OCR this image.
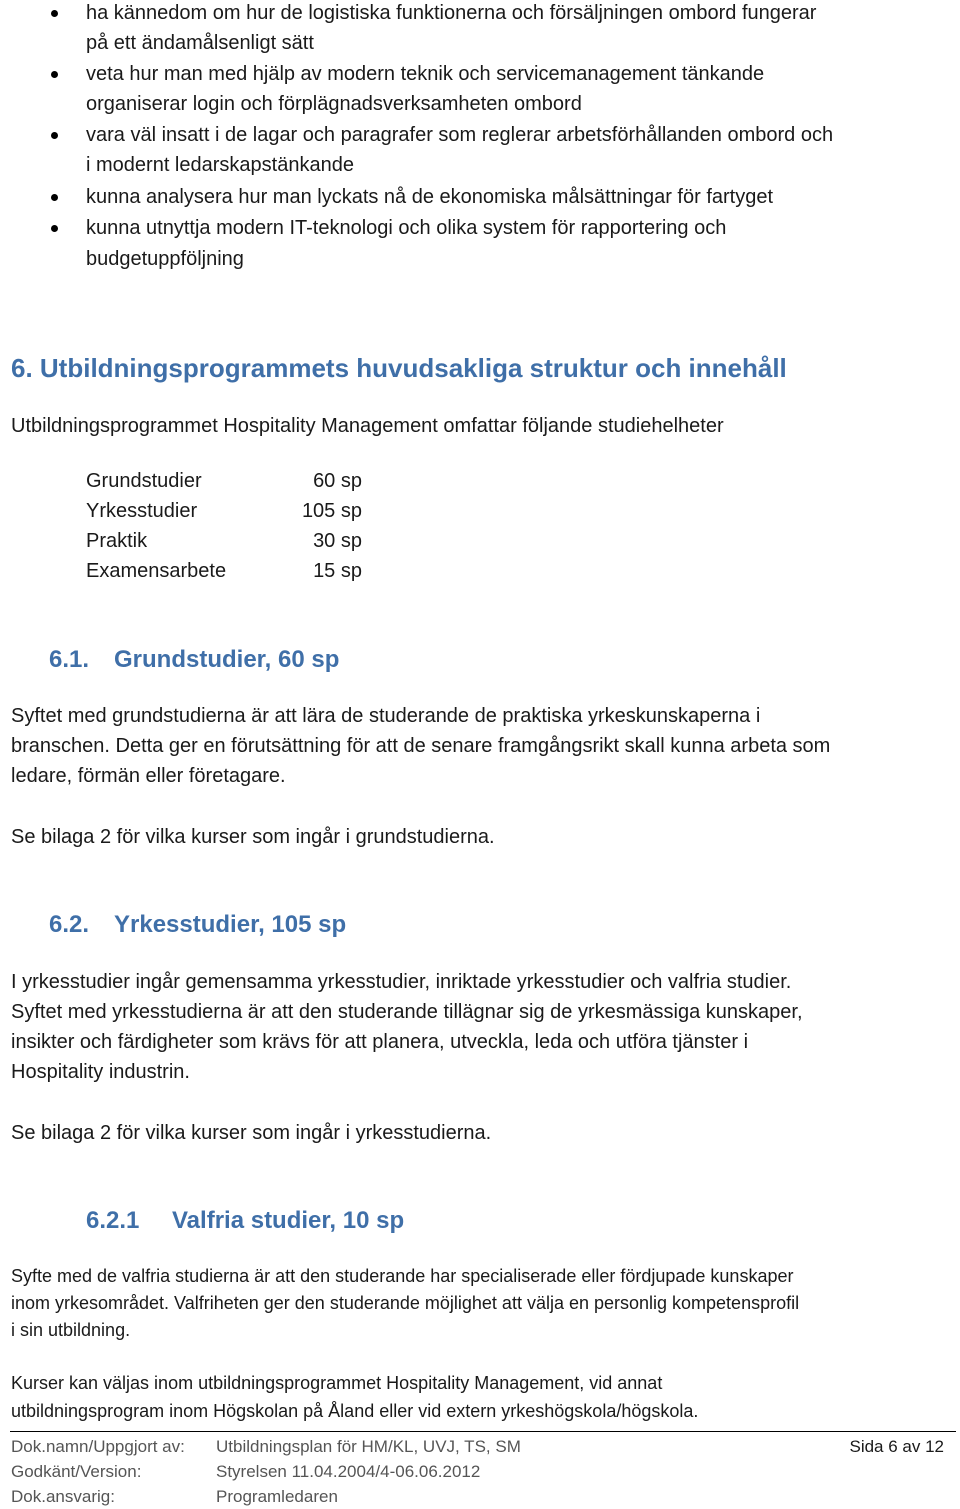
ha kännedom om hur de logistiska funktionerna och försäljningen ombord fungerar
på ett ändamålsenligt sätt
veta hur man med hjälp av modern teknik och servicemanagement tänkande
organiserar login och förplägnadsverksamheten ombord
vara väl insatt i de lagar och paragrafer som reglerar arbetsförhållanden ombord och
i modernt ledarskapstänkande
kunna analysera hur man lyckats nå de ekonomiska målsättningar för fartyget
kunna utnyttja modern IT-teknologi och olika system för rapportering och
budgetuppföljning
6. Utbildningsprogrammets huvudsakliga struktur och innehåll
Utbildningsprogrammet Hospitality Management omfattar följande studiehelheter
Grundstudier	60 sp
Yrkesstudier	105 sp
Praktik	30 sp
Examensarbete	15 sp
6.1. Grundstudier, 60 sp
Syftet med grundstudierna är att lära de studerande de praktiska yrkeskunskaperna i
branschen. Detta ger en förutsättning för att de senare framgångsrikt skall kunna arbeta som
ledare, förmän eller företagare.
Se bilaga 2 för vilka kurser som ingår i grundstudierna.
6.2. Yrkesstudier, 105 sp
I yrkesstudier ingår gemensamma yrkesstudier, inriktade yrkesstudier och valfria studier.
Syftet med yrkesstudierna är att den studerande tillägnar sig de yrkesmässiga kunskaper,
insikter och färdigheter som krävs för att planera, utveckla, leda och utföra tjänster i
Hospitality industrin.
Se bilaga 2 för vilka kurser som ingår i yrkesstudierna.
6.2.1 Valfria studier, 10 sp
Syfte med de valfria studierna är att den studerande har specialiserade eller fördjupade kunskaper
inom yrkesområdet. Valfriheten ger den studerande möjlighet att välja en personlig kompetensprofil
i sin utbildning.
Kurser kan väljas inom utbildningsprogrammet Hospitality Management, vid annat
utbildningsprogram inom Högskolan på Åland eller vid extern yrkeshögskola/högskola.
Dok.namn/Uppgjort av: Utbildningsplan för HM/KL, UVJ, TS, SM
Godkänt/Version:	Styrelsen 11.04.2004/4-06.06.2012
Dok.ansvarig:	Programledaren
Sida 6 av 12
